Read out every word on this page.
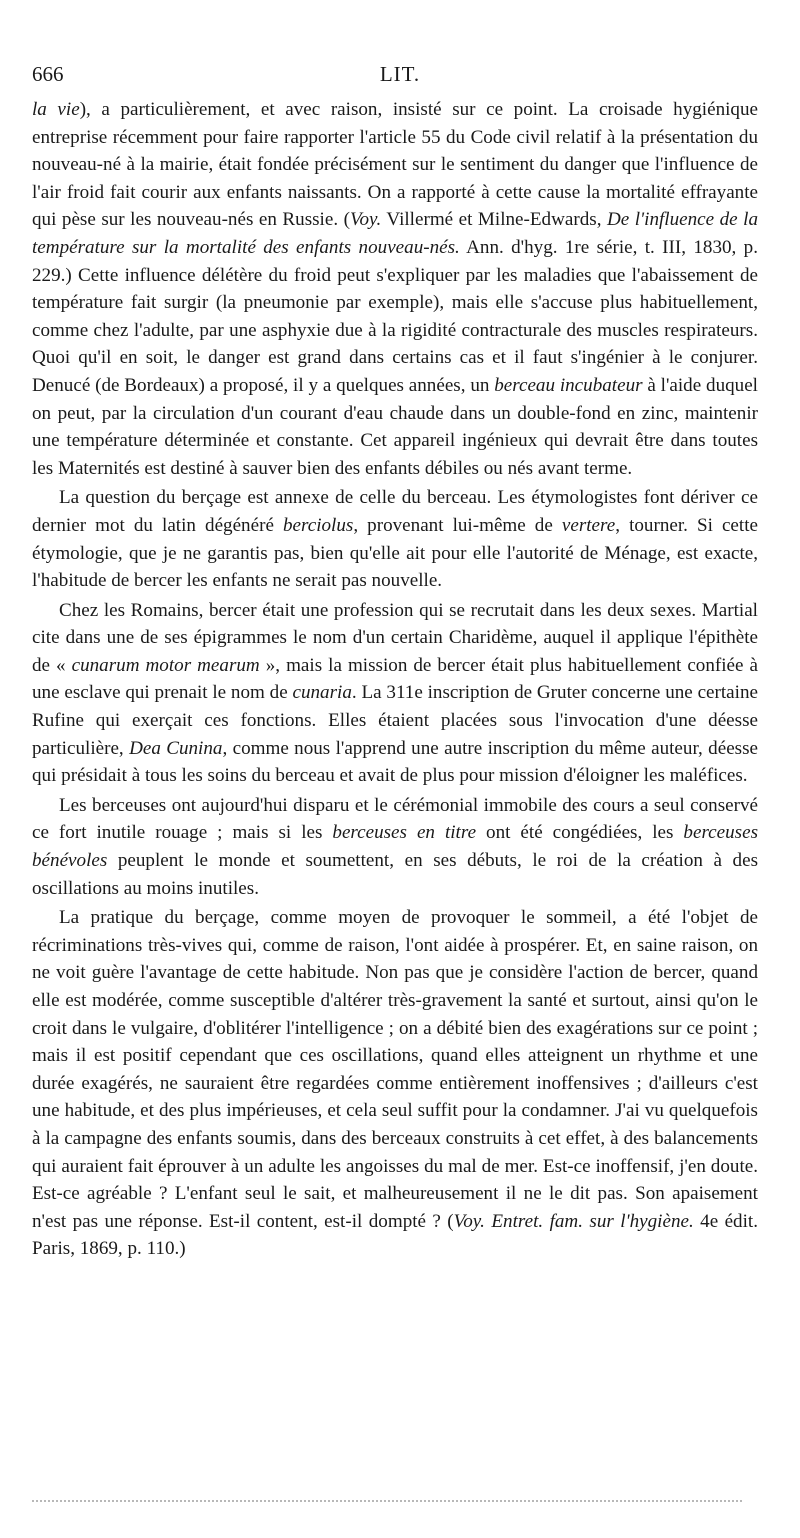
666	LIT.

la vie), a particulièrement, et avec raison, insisté sur ce point. La croisade hygiénique entreprise récemment pour faire rapporter l'article 55 du Code civil relatif à la présentation du nouveau-né à la mairie, était fondée précisément sur le sentiment du danger que l'influence de l'air froid fait courir aux enfants naissants. On a rapporté à cette cause la mortalité effrayante qui pèse sur les nouveau-nés en Russie. (Voy. Villermé et Milne-Edwards, De l'influence de la température sur la mortalité des enfants nouveau-nés. Ann. d'hyg. 1re série, t. III, 1830, p. 229.) Cette influence délétère du froid peut s'expliquer par les maladies que l'abaissement de température fait surgir (la pneumonie par exemple), mais elle s'accuse plus habituellement, comme chez l'adulte, par une asphyxie due à la rigidité contracturale des muscles respirateurs. Quoi qu'il en soit, le danger est grand dans certains cas et il faut s'ingénier à le conjurer. Denucé (de Bordeaux) a proposé, il y a quelques années, un berceau incubateur à l'aide duquel on peut, par la circulation d'un courant d'eau chaude dans un double-fond en zinc, maintenir une température déterminée et constante. Cet appareil ingénieux qui devrait être dans toutes les Maternités est destiné à sauver bien des enfants débiles ou nés avant terme.

La question du berçage est annexe de celle du berceau. Les étymologistes font dériver ce dernier mot du latin dégénéré berciolus, provenant lui-même de vertere, tourner. Si cette étymologie, que je ne garantis pas, bien qu'elle ait pour elle l'autorité de Ménage, est exacte, l'habitude de bercer les enfants ne serait pas nouvelle.

Chez les Romains, bercer était une profession qui se recrutait dans les deux sexes. Martial cite dans une de ses épigrammes le nom d'un certain Charidème, auquel il applique l'épithète de « cunarum motor mearum », mais la mission de bercer était plus habituellement confiée à une esclave qui prenait le nom de cunaria. La 311e inscription de Gruter concerne une certaine Rufine qui exerçait ces fonctions. Elles étaient placées sous l'invocation d'une déesse particulière, Dea Cunina, comme nous l'apprend une autre inscription du même auteur, déesse qui présidait à tous les soins du berceau et avait de plus pour mission d'éloigner les maléfices.

Les berceuses ont aujourd'hui disparu et le cérémonial immobile des cours a seul conservé ce fort inutile rouage ; mais si les berceuses en titre ont été congédiées, les berceuses bénévoles peuplent le monde et soumettent, en ses débuts, le roi de la création à des oscillations au moins inutiles.

La pratique du berçage, comme moyen de provoquer le sommeil, a été l'objet de récriminations très-vives qui, comme de raison, l'ont aidée à prospérer. Et, en saine raison, on ne voit guère l'avantage de cette habitude. Non pas que je considère l'action de bercer, quand elle est modérée, comme susceptible d'altérer très-gravement la santé et surtout, ainsi qu'on le croit dans le vulgaire, d'oblitérer l'intelligence ; on a débité bien des exagérations sur ce point ; mais il est positif cependant que ces oscillations, quand elles atteignent un rhythme et une durée exagérés, ne sauraient être regardées comme entièrement inoffensives ; d'ailleurs c'est une habitude, et des plus impérieuses, et cela seul suffit pour la condamner. J'ai vu quelquefois à la campagne des enfants soumis, dans des berceaux construits à cet effet, à des balancements qui auraient fait éprouver à un adulte les angoisses du mal de mer. Est-ce inoffensif, j'en doute. Est-ce agréable ? L'enfant seul le sait, et malheureusement il ne le dit pas. Son apaisement n'est pas une réponse. Est-il content, est-il dompté ? (Voy. Entret. fam. sur l'hygiène. 4e édit. Paris, 1869, p. 110.)
